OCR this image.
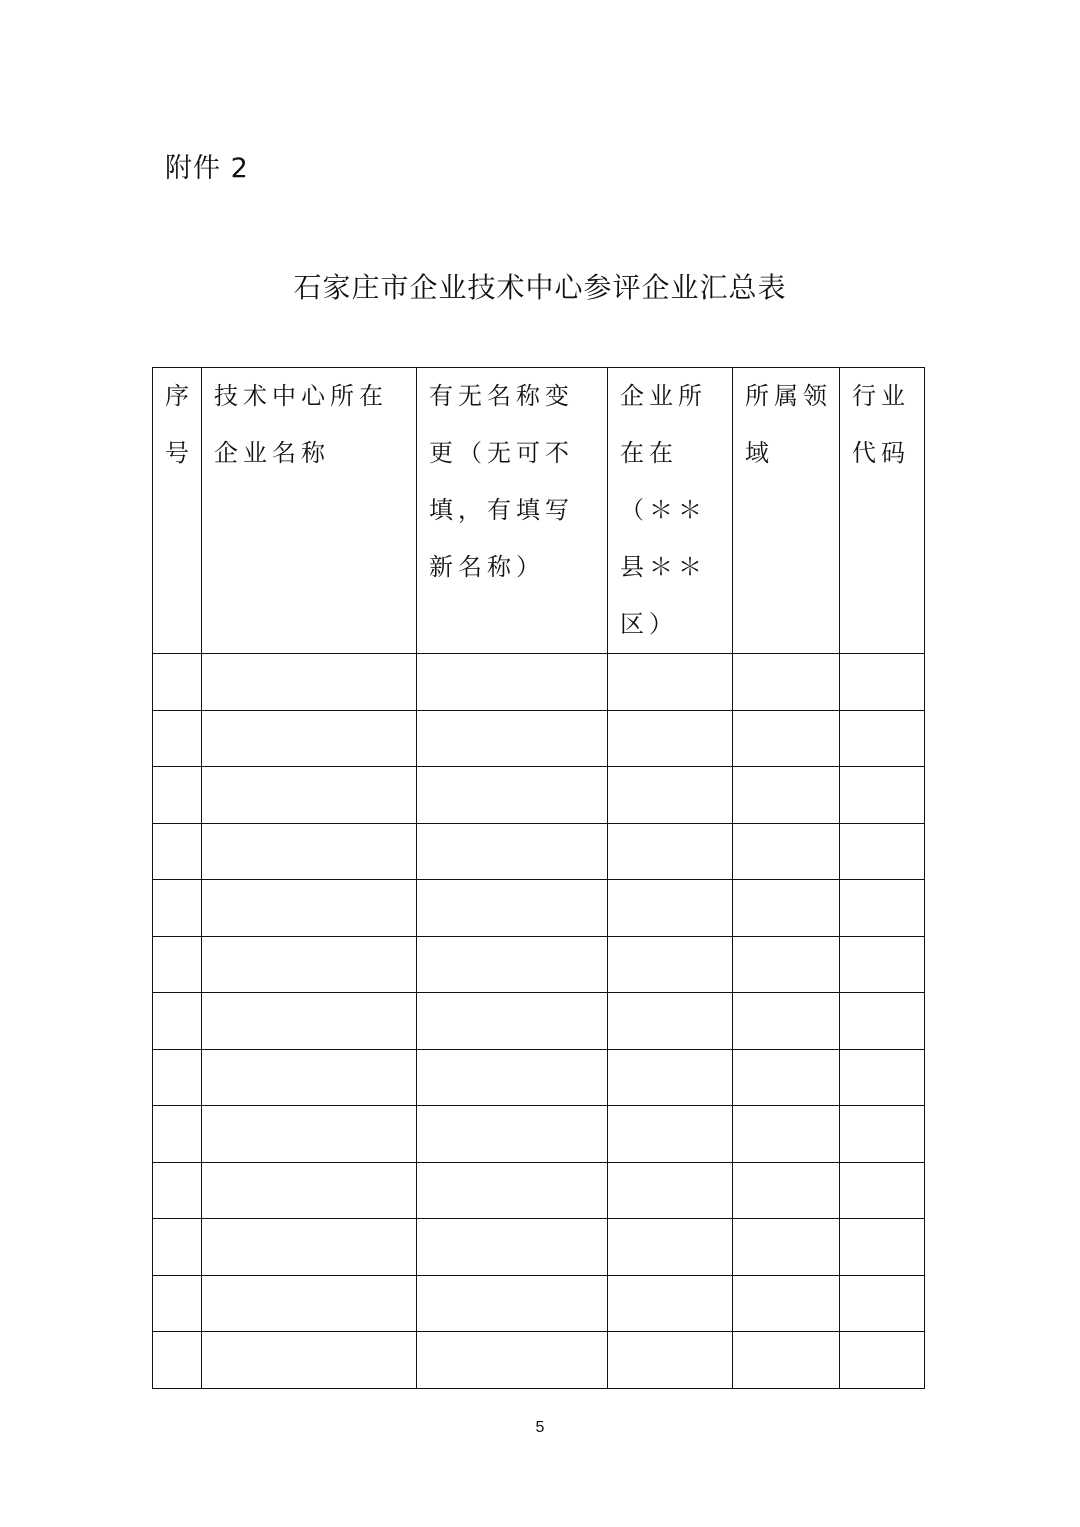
附件 2
石家庄市企业技术中心参评企业汇总表
序号	技术中心所在企业名称	有无名称变更（无可不填，有填写新名称）	企业所在在（＊＊县＊＊区）	所属领域	行业代码

5
